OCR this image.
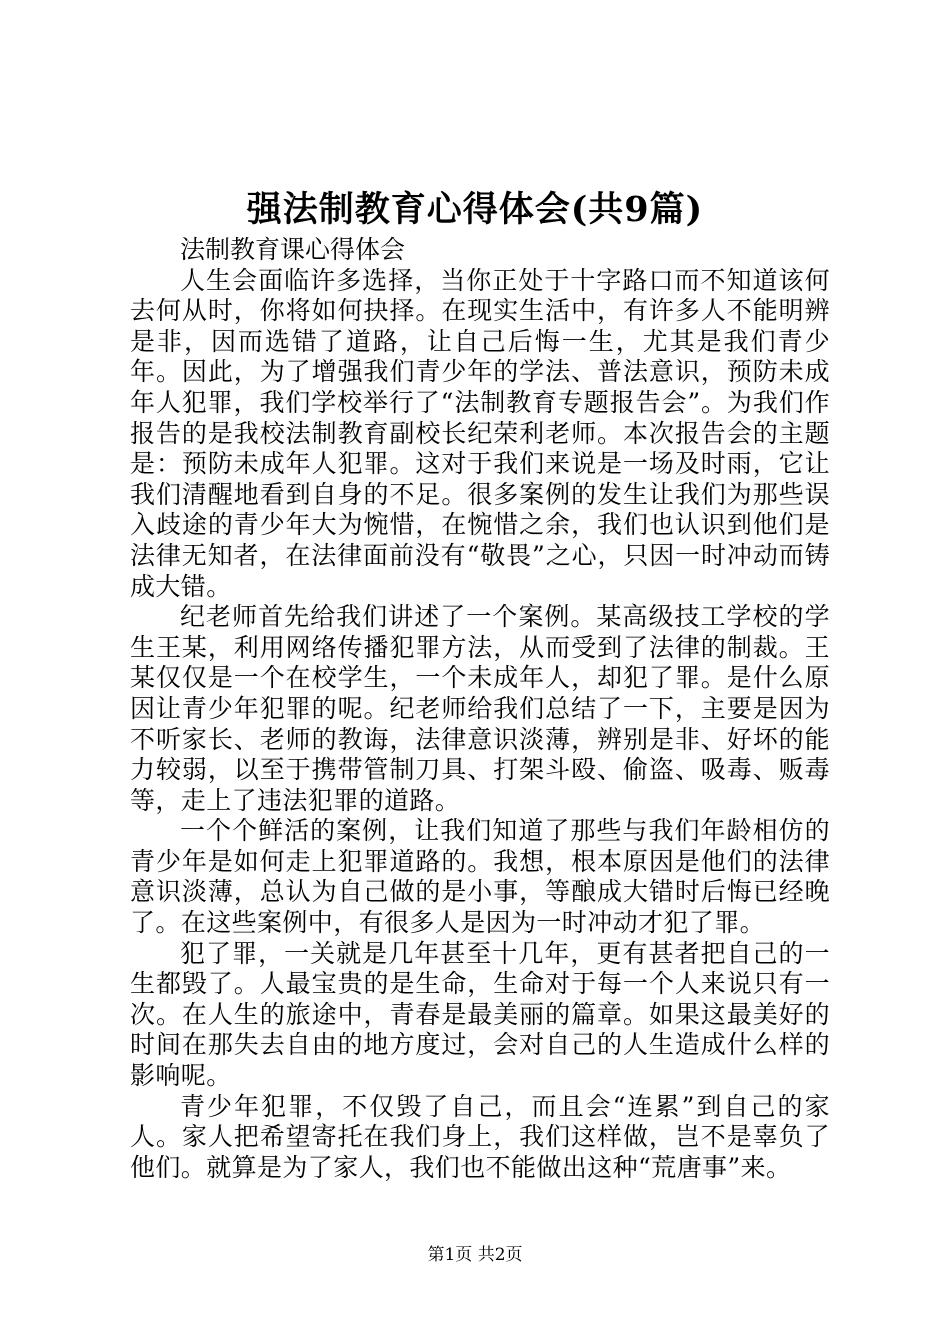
强法制教育心得体会(共9篇)

法制教育课心得体会

人生会面临许多选择，当你正处于十字路口而不知道该何去何从时，你将如何抉择。在现实生活中，有许多人不能明辨是非，因而选错了道路，让自己后悔一生，尤其是我们青少年。因此，为了增强我们青少年的学法、普法意识，预防未成年人犯罪，我们学校举行了“法制教育专题报告会”。为我们作报告的是我校法制教育副校长纪荣利老师。本次报告会的主题是：预防未成年人犯罪。这对于我们来说是一场及时雨，它让我们清醒地看到自身的不足。很多案例的发生让我们为那些误入歧途的青少年大为惋惜，在惋惜之余，我们也认识到他们是法律无知者，在法律面前没有“敬畏”之心，只因一时冲动而铸成大错。

纪老师首先给我们讲述了一个案例。某高级技工学校的学生王某，利用网络传播犯罪方法，从而受到了法律的制裁。王某仅仅是一个在校学生，一个未成年人，却犯了罪。是什么原因让青少年犯罪的呢。纪老师给我们总结了一下，主要是因为不听家长、老师的教诲，法律意识淡薄，辨别是非、好坏的能力较弱，以至于携带管制刀具、打架斗殴、偷盗、吸毒、贩毒等，走上了违法犯罪的道路。

一个个鲜活的案例，让我们知道了那些与我们年龄相仿的青少年是如何走上犯罪道路的。我想，根本原因是他们的法律意识淡薄，总认为自己做的是小事，等酿成大错时后悔已经晚了。在这些案例中，有很多人是因为一时冲动才犯了罪。

犯了罪，一关就是几年甚至十几年，更有甚者把自己的一生都毁了。人最宝贵的是生命，生命对于每一个人来说只有一次。在人生的旅途中，青春是最美丽的篇章。如果这最美好的时间在那失去自由的地方度过，会对自己的人生造成什么样的影响呢。

青少年犯罪，不仅毁了自己，而且会“连累”到自己的家人。家人把希望寄托在我们身上，我们这样做，岂不是辜负了他们。就算是为了家人，我们也不能做出这种“荒唐事”来。

第1页 共2页
